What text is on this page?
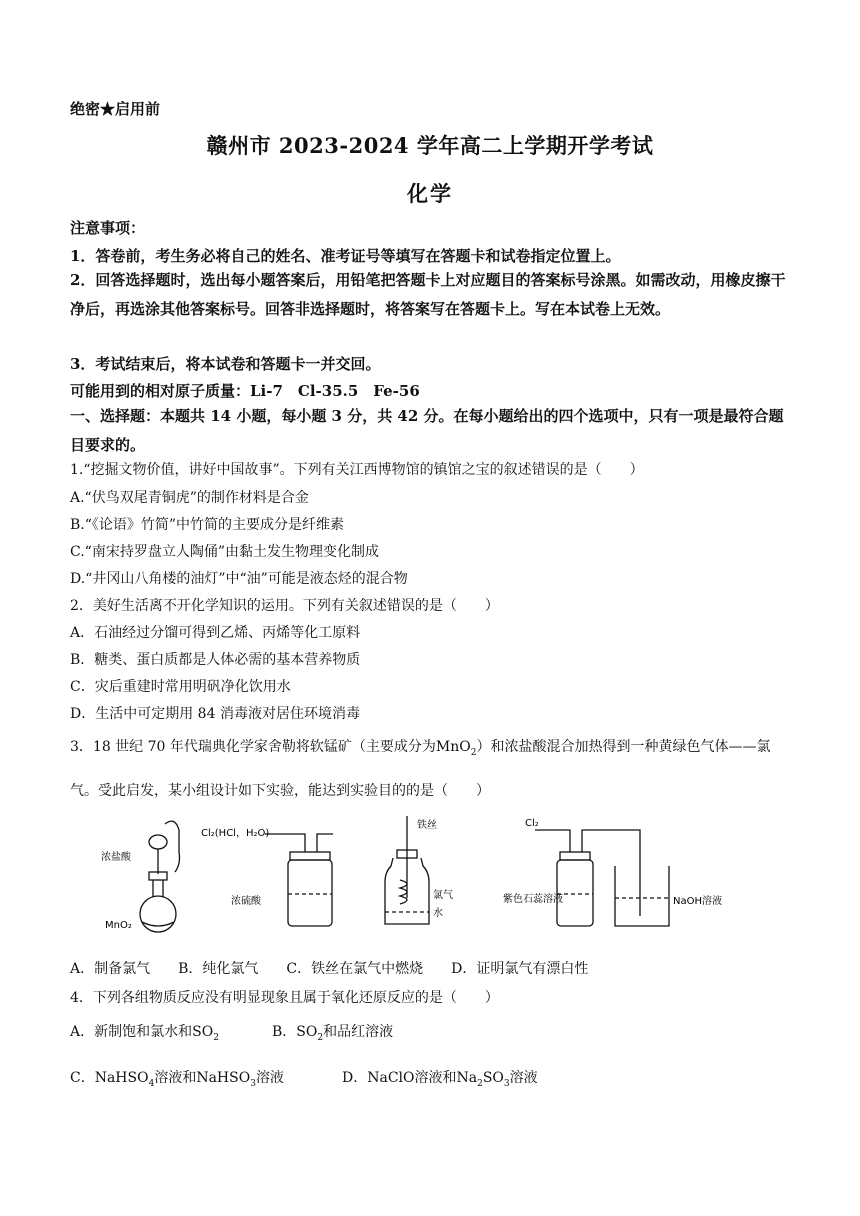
绝密★启用前
赣州市 2023-2024 学年高二上学期开学考试
化学
注意事项：
1．答卷前，考生务必将自己的姓名、准考证号等填写在答题卡和试卷指定位置上。
2．回答选择题时，选出每小题答案后，用铅笔把答题卡上对应题目的答案标号涂黑。如需改动，用橡皮擦干净后，再选涂其他答案标号。回答非选择题时，将答案写在答题卡上。写在本试卷上无效。
3．考试结束后，将本试卷和答题卡一并交回。
可能用到的相对原子质量：Li-7　Cl-35.5　Fe-56
一、选择题：本题共 14 小题，每小题 3 分，共 42 分。在每小题给出的四个选项中，只有一项是最符合题目要求的。
1.“挖掘文物价值，讲好中国故事”。下列有关江西博物馆的镇馆之宝的叙述错误的是（　　）
A.“伏鸟双尾青铜虎”的制作材料是合金
B.“《论语》竹简”中竹简的主要成分是纤维素
C.“南宋持罗盘立人陶俑”由黏土发生物理变化制成
D.“井冈山八角楼的油灯”中“油”可能是液态烃的混合物
2．美好生活离不开化学知识的运用。下列有关叙述错误的是（　　）
A．石油经过分馏可得到乙烯、丙烯等化工原料
B．糖类、蛋白质都是人体必需的基本营养物质
C．灾后重建时常用明矾净化饮用水
D．生活中可定期用 84 消毒液对居住环境消毒
3．18 世纪 70 年代瑞典化学家舍勒将软锰矿（主要成分为MnO$_2$）和浓盐酸混合加热得到一种黄绿色气体——氯气。受此启发，某小组设计如下实验，能达到实验目的的是（　　）
浓盐酸
MnO₂
Cl₂(HCl，H₂O)
浓硫酸
铁丝
氯气
水
Cl₂
紫色石蕊溶液	NaOH溶液
A．制备氯气　　B．纯化氯气　　C．铁丝在氯气中燃烧　　D．证明氯气有漂白性
4．下列各组物质反应没有明显现象且属于氧化还原反应的是（　　）
A．新制饱和氯水和$SO_2$	B．$SO_2$和品红溶液
C．NaHSO$_4$溶液和NaHSO$_3$溶液	D．NaClO溶液和$Na_2SO_3$溶液
